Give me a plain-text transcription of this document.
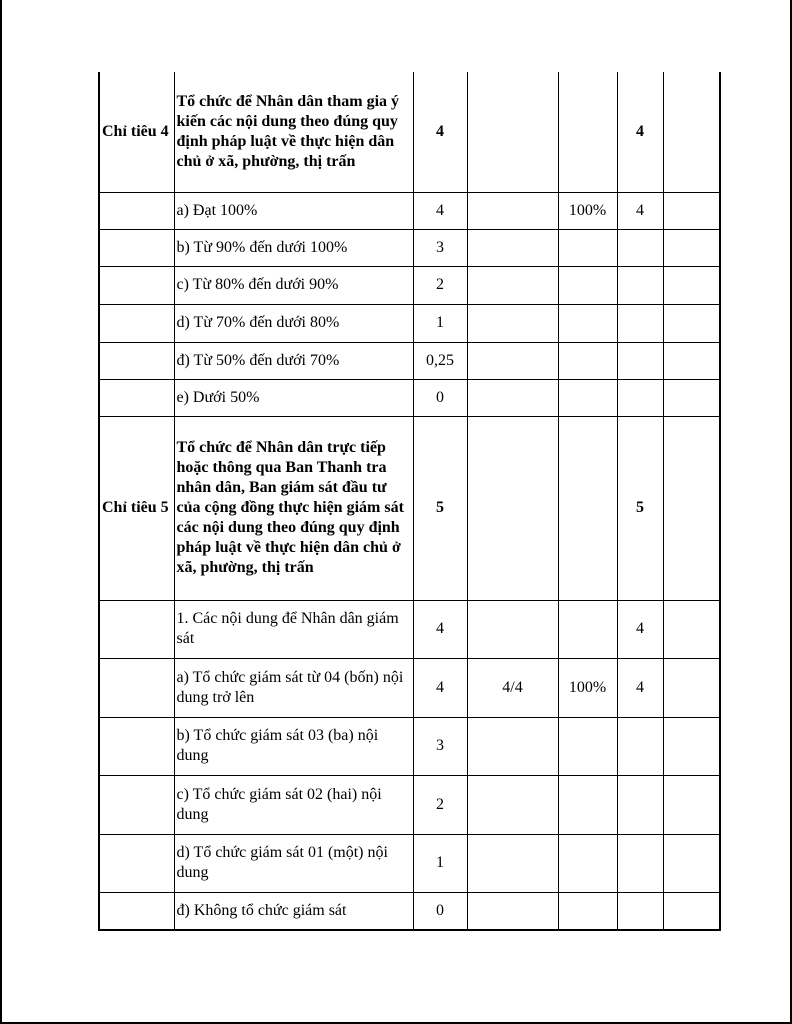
Chỉ tiêu 4	Tổ chức để Nhân dân tham gia ý kiến các nội dung theo đúng quy định pháp luật về thực hiện dân chủ ở xã, phường, thị trấn	4			4	
	a) Đạt 100%	4		100%	4	
	b) Từ 90% đến dưới 100%	3				
	c) Từ 80% đến dưới 90%	2				
	d) Từ 70% đến dưới 80%	1				
	đ) Từ 50% đến dưới 70%	0,25				
	e) Dưới 50%	0				
Chỉ tiêu 5	Tổ chức để Nhân dân trực tiếp hoặc thông qua Ban Thanh tra nhân dân, Ban giám sát đầu tư của cộng đồng thực hiện giám sát các nội dung theo đúng quy định pháp luật về thực hiện dân chủ ở xã, phường, thị trấn	5			5	
	1. Các nội dung để Nhân dân giám sát	4			4	
	a) Tổ chức giám sát từ 04 (bốn) nội dung trở lên	4	4/4	100%	4	
	b) Tổ chức giám sát 03 (ba) nội dung	3				
	c) Tổ chức giám sát 02 (hai) nội dung	2				
	d) Tổ chức giám sát 01 (một) nội dung	1				
	đ) Không tổ chức giám sát	0				
